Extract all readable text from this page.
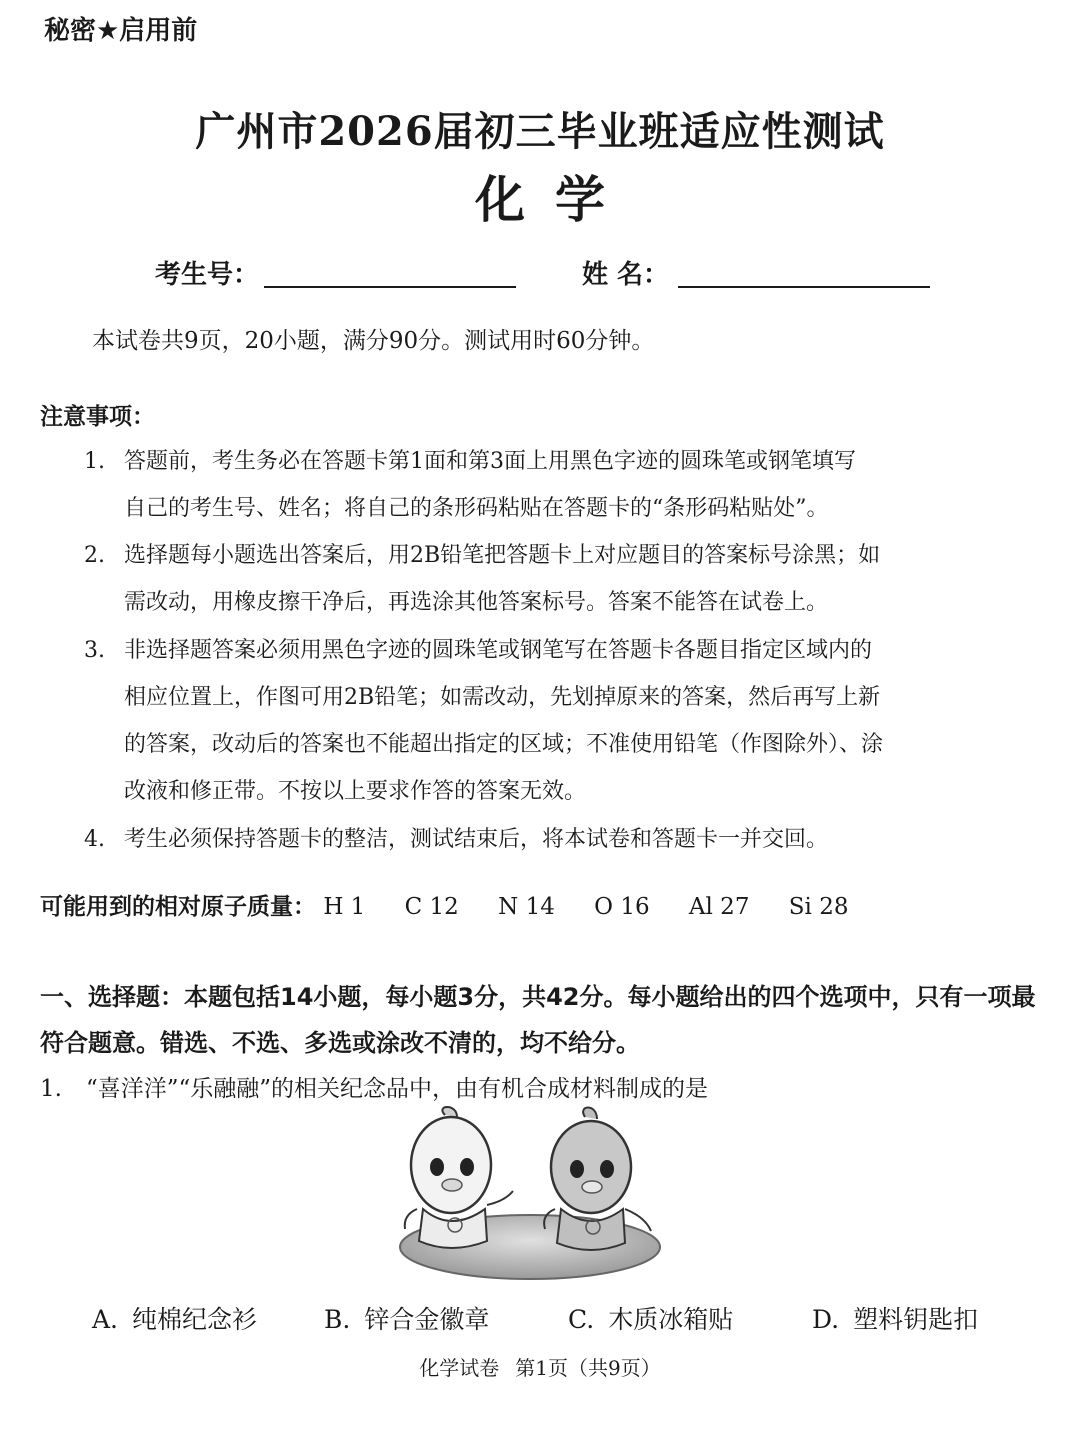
秘密★启用前
广州市2026届初三毕业班适应性测试
化学
考生号：	姓 名：
本试卷共9页，20小题，满分90分。测试用时60分钟。
注意事项：
1. 答题前，考生务必在答题卡第1面和第3面上用黑色字迹的圆珠笔或钢笔填写
自己的考生号、姓名；将自己的条形码粘贴在答题卡的“条形码粘贴处”。
2. 选择题每小题选出答案后，用2B铅笔把答题卡上对应题目的答案标号涂黑；如
需改动，用橡皮擦干净后，再选涂其他答案标号。答案不能答在试卷上。
3. 非选择题答案必须用黑色字迹的圆珠笔或钢笔写在答题卡各题目指定区域内的
相应位置上，作图可用2B铅笔；如需改动，先划掉原来的答案，然后再写上新
的答案，改动后的答案也不能超出指定的区域；不准使用铅笔（作图除外）、涂
改液和修正带。不按以上要求作答的答案无效。
4. 考生必须保持答题卡的整洁，测试结束后，将本试卷和答题卡一并交回。
可能用到的相对原子质量： H 1 C 12 N 14 O 16 Al 27 Si 28
一、选择题：本题包括14小题，每小题3分，共42分。每小题给出的四个选项中，只有一项最符合题意。错选、不选、多选或涂改不清的，均不给分。
1. “喜洋洋”“乐融融”的相关纪念品中，由有机合成材料制成的是
A. 纯棉纪念衫	B. 锌合金徽章	C. 木质冰箱贴	D. 塑料钥匙扣
化学试卷 第1页（共9页）
